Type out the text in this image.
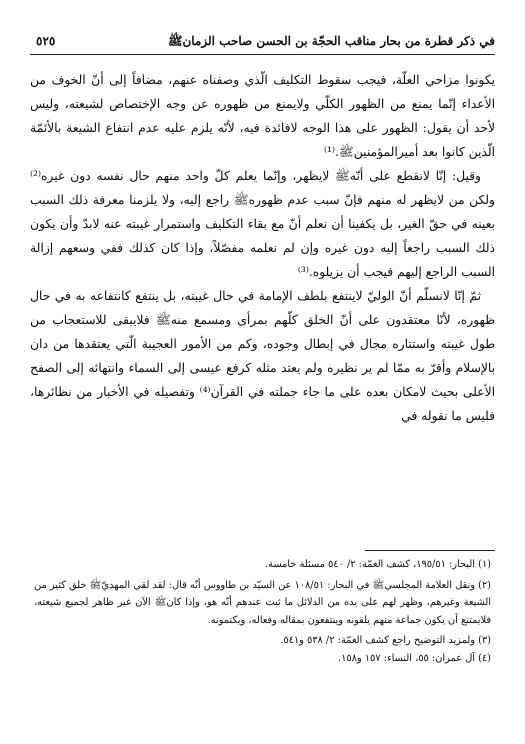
في ذكر قطرة من بحار مناقب الحجّة بن الحسن صاحب الزمانﷺ
٥٢٥

يكونوا مزاحي العلّة، فيجب سقوط التكليف الّذي وصفناه عنهم، مضافاً إلى أنّ الخوف من الأعداء إنّما يمنع من الظهور الكلّي ولايمنع من ظهوره عن وجه الإختصاص لشيعته، وليس لأحد أن يقول: الظهور على هذا الوجه لافائدة فيه، لأنّه يلزم عليه عدم انتفاع الشيعة بالأئمّة الّذين كانوا بعد أميرالمؤمنينﷺ.⁽¹⁾

وقيل: إنّا لانقطع على أنّهﷺ لايظهر، وإنّما يعلم كلّ واحد منهم حال نفسه دون غيره⁽²⁾ ولكن من لايظهر له منهم فإنّ سبب عدم ظهورهﷺ راجع إليه، ولا يلزمنا معرفة ذلك السبب بعينه في حقّ الغير، بل يكفينا أن نعلم أنّ مع بقاء التكليف واستمرار غيبته عنه لابدّ وأن يكون ذلك السبب راجعاً إليه دون غيره وإن لم نعلمه مفصّلاً، وإذا كان كذلك ففي وسعهم إزالة السبب الراجع إليهم فيجب أن يزيلوه.⁽³⁾

ثمّ إنّا لانسلّم أنّ الوليّ لاينتفع بلطف الإمامة في حال غيبته، بل ينتفع كانتفاعه به في حال ظهوره، لأنّا معتقدون على أنّ الخلق كلّهم بمرأى ومسمع منهﷺ فلايبقى للاستعجاب من طول غيبته واستتاره مجال في إبطال وجوده، وكم من الأمور العجيبة الّتي يعتقدها من دان بالإسلام وأقرّ به ممّا لم ير نظيره ولم يعتد مثله كرفع عيسى إلى السماء وانتهائه إلى الصفح الأعلى بحيث لامكان بعده على ما جاء جملته في القرآن⁽⁴⁾ وتفصيله في الأخبار من نظائرها، فليس ما نقوله في

(١) البحار: ١٩٥/٥١، كشف الغمّة: ٢/ ٥٤٠ مسئلة خامسة.

(٢) ونقل العلامة المجلسيﷺ في البحار: ١٠٨/٥١ عن السيّد بن طاووس أنّه قال: لقد لقي المهديّﷺ خلق كثير من الشيعة وغيرهم، وظهر لهم على يده من الدلائل ما ثبت عندهم أنّه هو، وإذا كانﷺ الآن غير ظاهر لجميع شيعته، فلايمتنع أن يكون جماعة منهم يلقونه وينتفعون بمقاله وفعاله، ويكتمونه.

(٣) ولمزيد التوضيح راجع كشف الغمّة: ٢/ ٥٣٨ و٥٤١.

(٤) آل عمران: ٥٥، النساء: ١٥٧ و١٥٨.
